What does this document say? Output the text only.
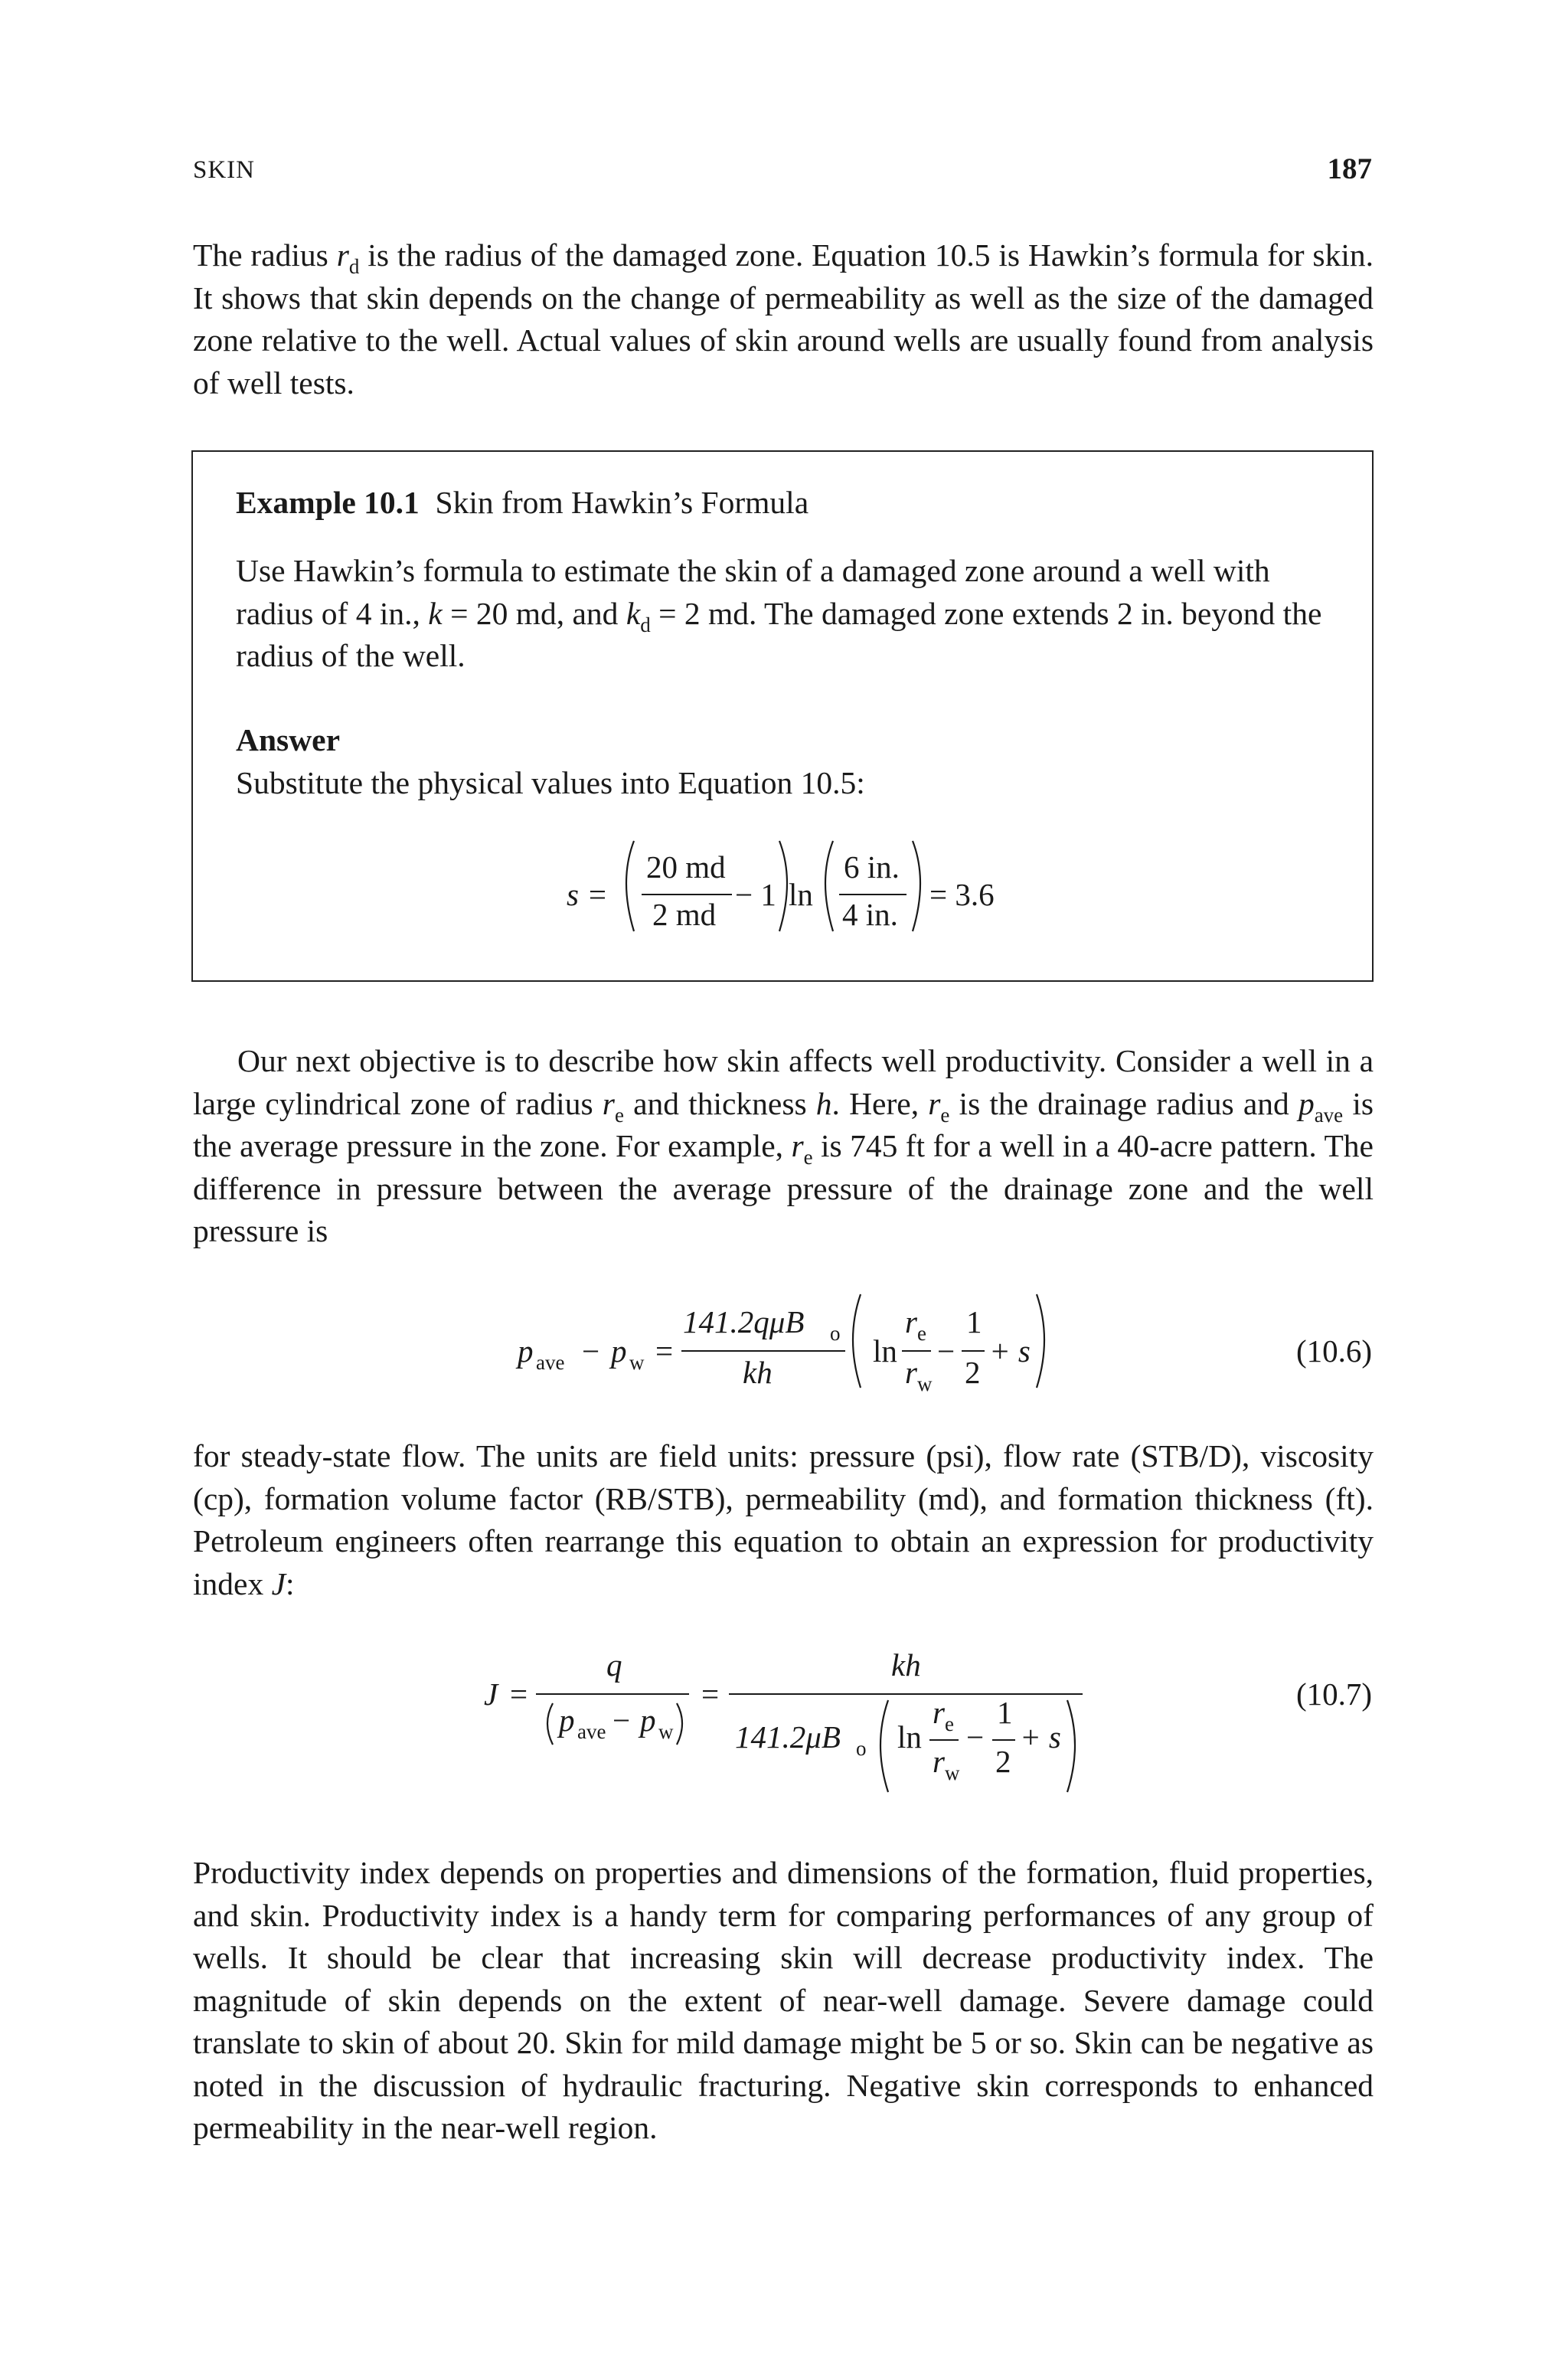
SKIN	187

The radius $r_d$ is the radius of the damaged zone. Equation 10.5 is Hawkin’s formula for skin. It shows that skin depends on the change of permeability as well as the size of the damaged zone relative to the well. Actual values of skin around wells are usually found from analysis of well tests.

Example 10.1 Skin from Hawkin’s Formula

Use Hawkin’s formula to estimate the skin of a damaged zone around a well with radius of 4 in., k = 20 md, and $k_d = 2$ md. The damaged zone extends 2 in. beyond the radius of the well.

Answer
Substitute the physical values into Equation 10.5:
s =
20 md
2 md
− 1 ln
6 in.
4 in.
= 3.6

Our next objective is to describe how skin affects well productivity. Consider a well in a large cylindrical zone of radius $r_e$ and thickness h. Here, $r_e$ is the drainage radius and $p_{ave}$ is the average pressure in the zone. For example, $r_e$ is 745 ft for a well in a 40-acre pattern. The difference in pressure between the average pressure of the drainage zone and the well pressure is

p ave − p w =
141.2qμB o
kh
ln
r e
r w
−
1
2
+ s	(10.6)

for steady-state flow. The units are field units: pressure (psi), flow rate (STB/D), viscosity (cp), formation volume factor (RB/STB), permeability (md), and formation thickness (ft). Petroleum engineers often rearrange this equation to obtain an expression for productivity index J:

J =
q
p ave − p w
=
kh
141.2μB o ln
r e
r w
−
1
2
+ s
(10.7)

Productivity index depends on properties and dimensions of the formation, fluid properties, and skin. Productivity index is a handy term for comparing performances of any group of wells. It should be clear that increasing skin will decrease productivity index. The magnitude of skin depends on the extent of near-well damage. Severe damage could translate to skin of about 20. Skin for mild damage might be 5 or so. Skin can be negative as noted in the discussion of hydraulic fracturing. Negative skin corresponds to enhanced permeability in the near-well region.
